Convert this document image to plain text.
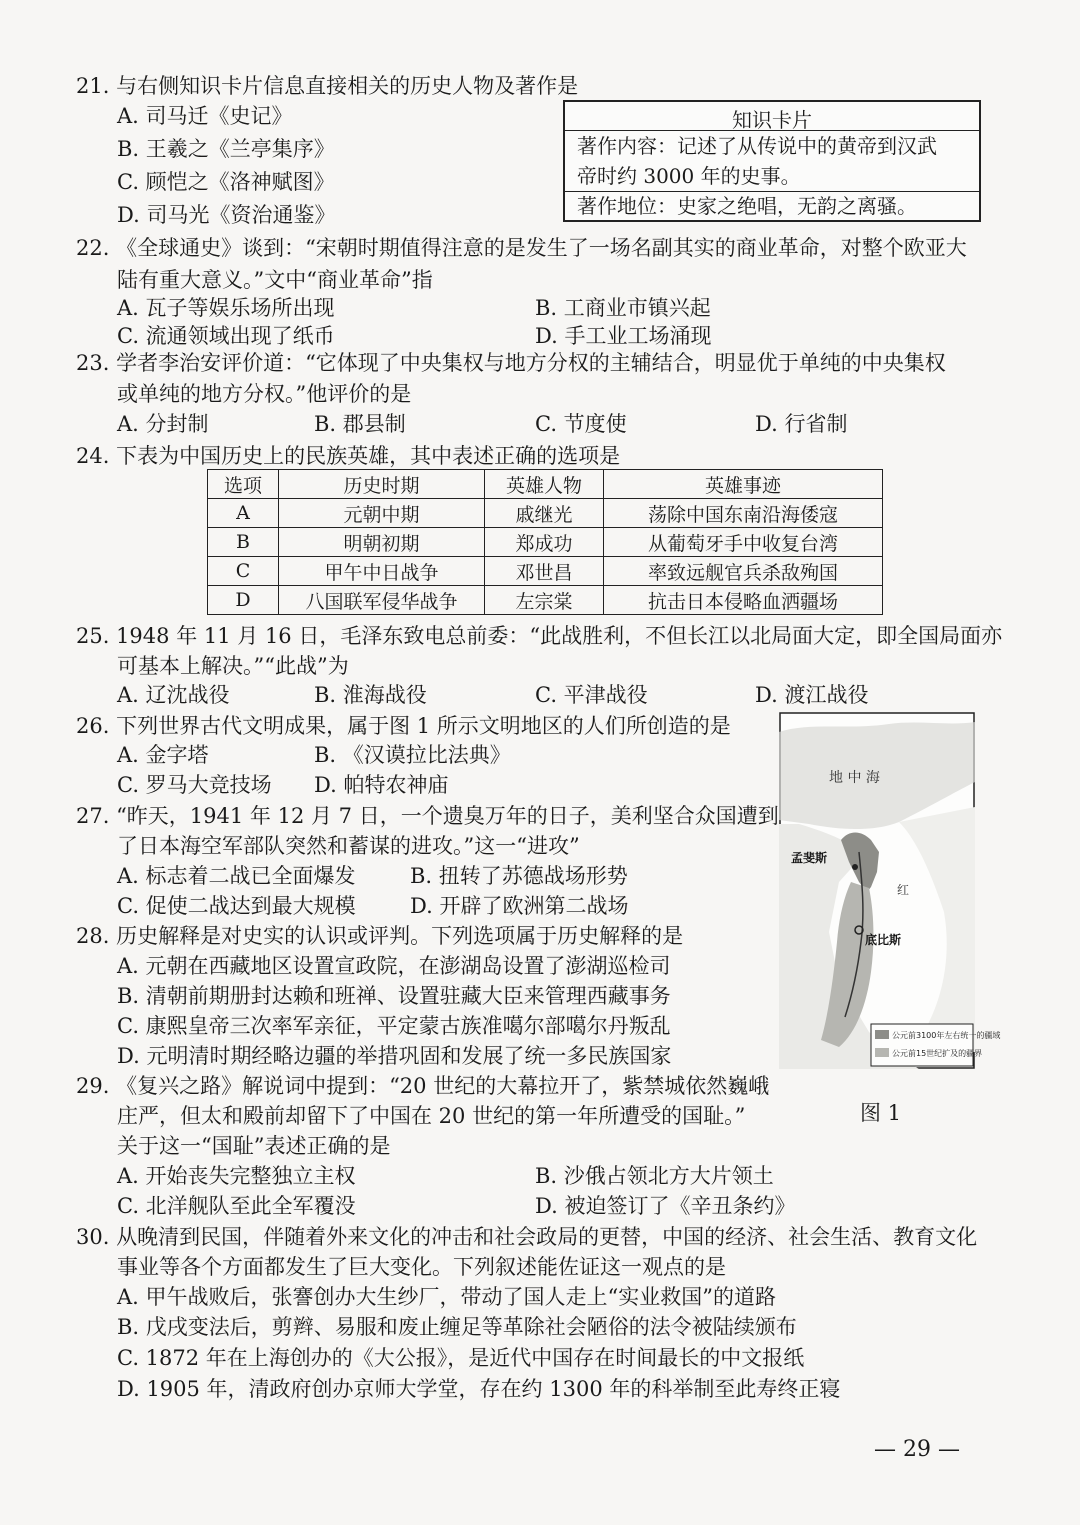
21. 与右侧知识卡片信息直接相关的历史人物及著作是
A. 司马迁《史记》
B. 王羲之《兰亭集序》
C. 顾恺之《洛神赋图》
D. 司马光《资治通鉴》
知识卡片
著作内容：记述了从传说中的黄帝到汉武
帝时约 3000 年的史事。
著作地位：史家之绝唱，无韵之离骚。
22. 《全球通史》谈到：“宋朝时期值得注意的是发生了一场名副其实的商业革命，对整个欧亚大
陆有重大意义。”文中“商业革命”指
A. 瓦子等娱乐场所出现	B. 工商业市镇兴起
C. 流通领域出现了纸币	D. 手工业工场涌现
23. 学者李治安评价道：“它体现了中央集权与地方分权的主辅结合，明显优于单纯的中央集权
或单纯的地方分权。”他评价的是
A. 分封制	B. 郡县制	C. 节度使	D. 行省制
24. 下表为中国历史上的民族英雄，其中表述正确的选项是
选项	历史时期	英雄人物	英雄事迹
A	元朝中期	戚继光	荡除中国东南沿海倭寇
B	明朝初期	郑成功	从葡萄牙手中收复台湾
C	甲午中日战争	邓世昌	率致远舰官兵杀敌殉国
D	八国联军侵华战争	左宗棠	抗击日本侵略血洒疆场
25. 1948 年 11 月 16 日，毛泽东致电总前委：“此战胜利，不但长江以北局面大定，即全国局面亦
可基本上解决。”“此战”为
A. 辽沈战役	B. 淮海战役	C. 平津战役	D. 渡江战役
26. 下列世界古代文明成果，属于图 1 所示文明地区的人们所创造的是
A. 金字塔	B. 《汉谟拉比法典》
C. 罗马大竞技场 D. 帕特农神庙
27. “昨天，1941 年 12 月 7 日，一个遗臭万年的日子，美利坚合众国遭到
了日本海空军部队突然和蓄谋的进攻。”这一“进攻”
A. 标志着二战已全面爆发	B. 扭转了苏德战场形势
C. 促使二战达到最大规模	D. 开辟了欧洲第二战场
28. 历史解释是对史实的认识或评判。下列选项属于历史解释的是
A. 元朝在西藏地区设置宣政院，在澎湖岛设置了澎湖巡检司
B. 清朝前期册封达赖和班禅、设置驻藏大臣来管理西藏事务
C. 康熙皇帝三次率军亲征，平定蒙古族准噶尔部噶尔丹叛乱
D. 元明清时期经略边疆的举措巩固和发展了统一多民族国家
地 中 海
红
孟斐斯
底比斯
公元前3100年左右统一的疆域
公元前15世纪扩及的疆界
图 1
29. 《复兴之路》解说词中提到：“20 世纪的大幕拉开了，紫禁城依然巍峨
庄严，但太和殿前却留下了中国在 20 世纪的第一年所遭受的国耻。”
关于这一“国耻”表述正确的是
A. 开始丧失完整独立主权	B. 沙俄占领北方大片领土
C. 北洋舰队至此全军覆没	D. 被迫签订了《辛丑条约》
30. 从晚清到民国，伴随着外来文化的冲击和社会政局的更替，中国的经济、社会生活、教育文化
事业等各个方面都发生了巨大变化。下列叙述能佐证这一观点的是
A. 甲午战败后，张謇创办大生纱厂，带动了国人走上“实业救国”的道路
B. 戊戌变法后，剪辫、易服和废止缠足等革除社会陋俗的法令被陆续颁布
C. 1872 年在上海创办的《大公报》，是近代中国存在时间最长的中文报纸
D. 1905 年，清政府创办京师大学堂，存在约 1300 年的科举制至此寿终正寝
— 29 —
